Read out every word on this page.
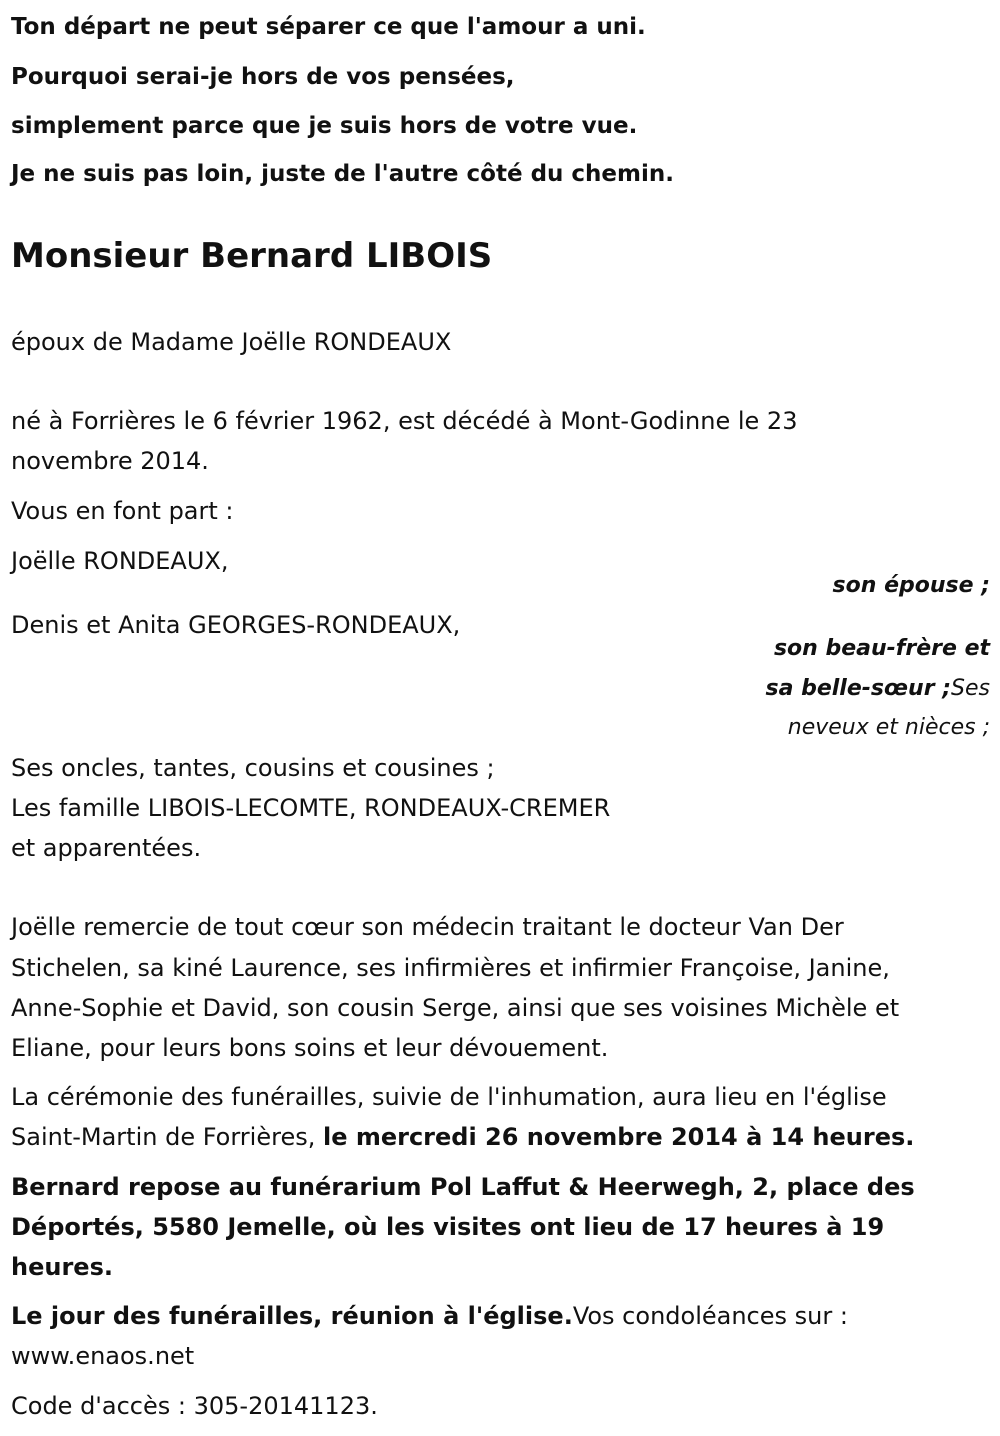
Ton départ ne peut séparer ce que l'amour a uni.
Pourquoi serai-je hors de vos pensées,
simplement parce que je suis hors de votre vue.
Je ne suis pas loin, juste de l'autre côté du chemin.
Monsieur Bernard LIBOIS
époux de Madame Joëlle RONDEAUX
né à Forrières le 6 février 1962, est décédé à Mont-Godinne le 23
novembre 2014.
Vous en font part :
Joëlle RONDEAUX,
son épouse ;
Denis et Anita GEORGES-RONDEAUX,
son beau-frère et
sa belle-sœur ;Ses
neveux et nièces ;
Ses oncles, tantes, cousins et cousines ;
Les famille LIBOIS-LECOMTE, RONDEAUX-CREMER
et apparentées.
Joëlle remercie de tout cœur son médecin traitant le docteur Van Der
Stichelen, sa kiné Laurence, ses infirmières et infirmier Françoise, Janine,
Anne-Sophie et David, son cousin Serge, ainsi que ses voisines Michèle et
Eliane, pour leurs bons soins et leur dévouement.
La cérémonie des funérailles, suivie de l'inhumation, aura lieu en l'église
Saint-Martin de Forrières, le mercredi 26 novembre 2014 à 14 heures.
Bernard repose au funérarium Pol Laffut & Heerwegh, 2, place des
Déportés, 5580 Jemelle, où les visites ont lieu de 17 heures à 19
heures.
Le jour des funérailles, réunion à l'église.Vos condoléances sur :
www.enaos.net
Code d'accès : 305-20141123.
